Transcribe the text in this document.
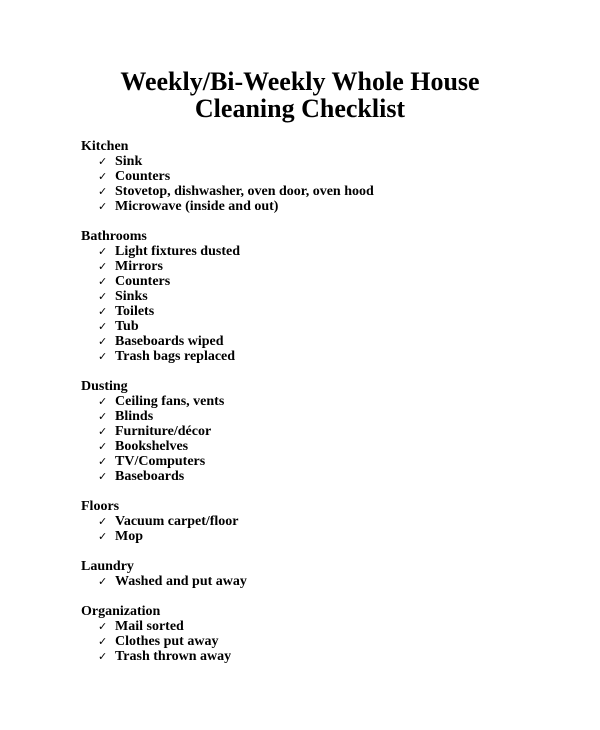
Weekly/Bi-Weekly Whole House
Cleaning Checklist
Kitchen
✓ Sink
✓ Counters
✓ Stovetop, dishwasher, oven door, oven hood
✓ Microwave (inside and out)
Bathrooms
✓ Light fixtures dusted
✓ Mirrors
✓ Counters
✓ Sinks
✓ Toilets
✓ Tub
✓ Baseboards wiped
✓ Trash bags replaced
Dusting
✓ Ceiling fans, vents
✓ Blinds
✓ Furniture/décor
✓ Bookshelves
✓ TV/Computers
✓ Baseboards
Floors
✓ Vacuum carpet/floor
✓ Mop
Laundry
✓ Washed and put away
Organization
✓ Mail sorted
✓ Clothes put away
✓ Trash thrown away
